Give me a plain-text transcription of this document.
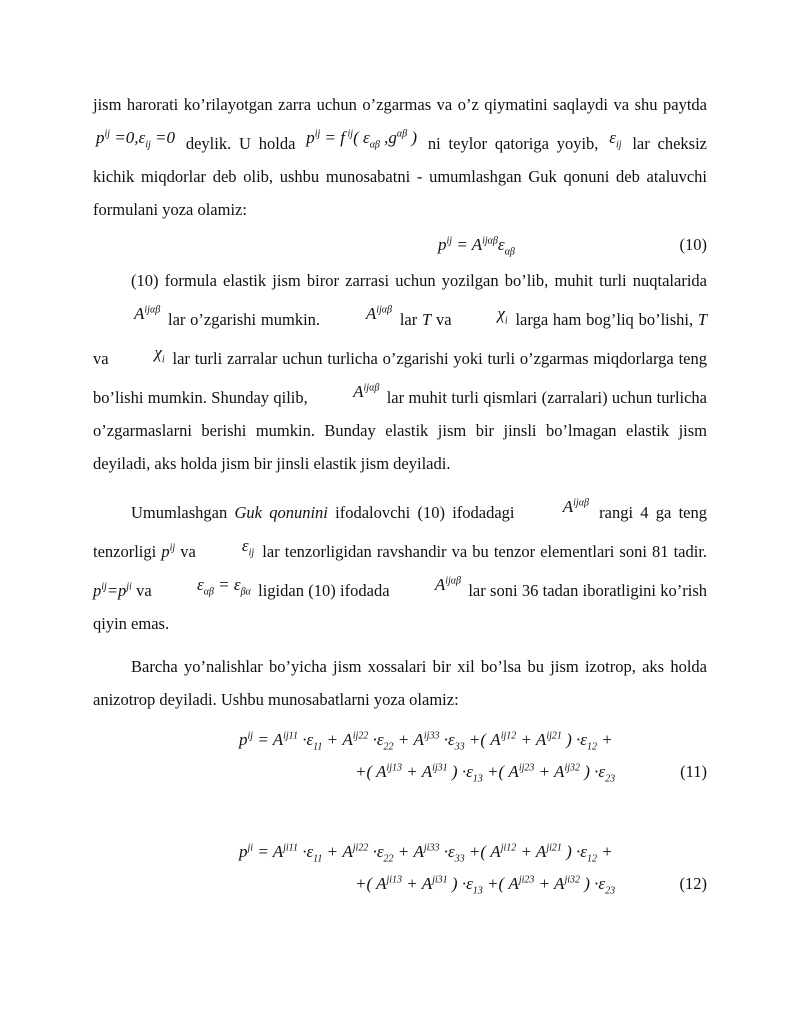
jism harorati ko’rilayotgan zarra uchun o’zgarmas va o’z qiymatini saqlaydi va shu paytda $p^{ij} =0,\varepsilon_{ij} =0$ deylik. U holda $p^{ij} = f$ $^{ij}$( $\varepsilon_{\alpha\beta}$ $,g^{\alpha\beta}$ ) ni teylor qatoriga yoyib, $\varepsilon_{ij}$ lar cheksiz kichik miqdorlar deb olib, ushbu munosabatni - umumlashgan Guk qonuni deb ataluvchi formulani yoza olamiz:

$p^{ij} = A^{ij\alpha\beta}\varepsilon_{\alpha\beta}$	(10)

(10) formula elastik jism biror zarrasi uchun yozilgan bo’lib, muhit turli nuqtalarida $A^{ij\alpha\beta}$ lar o’zgarishi mumkin.	$A^{ij\alpha\beta}$ lar T va	$\chi_i$ larga ham bog’liq bo’lishi, T va	$\chi_i$ lar turli zarralar uchun turlicha o’zgarishi yoki turli o’zgarmas miqdorlarga teng bo’lishi mumkin. Shunday qilib,	$A^{ij\alpha\beta}$ lar muhit turli qismlari (zarralari) uchun turlicha o’zgarmaslarni berishi mumkin. Bunday elastik jism bir jinsli bo’lmagan elastik jism deyiladi, aks holda jism bir jinsli elastik jism deyiladi.

Umumlashgan Guk qonunini ifodalovchi (10) ifodadagi	$A^{ij\alpha\beta}$ rangi 4 ga teng tenzorligi $p^{ij}$ va	$\varepsilon_{ij}$ lar tenzorligidan ravshandir va bu tenzor elementlari soni 81 tadir. $p^{ij}=p^{ji}$ va	$\varepsilon_{\alpha\beta} = \varepsilon_{\beta\alpha}$ ligidan (10) ifodada	$A^{ij\alpha\beta}$ lar soni 36 tadan iboratligini ko’rish qiyin emas.

Barcha yo’nalishlar bo’yicha jism xossalari bir xil bo’lsa bu jism izotrop, aks holda anizotrop deyiladi. Ushbu munosabatlarni yoza olamiz:

$p^{ij} = A^{ij11} \cdot\varepsilon_{11} + A^{ij22} \cdot\varepsilon_{22} + A^{ij33} \cdot\varepsilon_{33}$ +( $A^{ij12} + A^{ij21}$ ) $\cdot\varepsilon_{12}$ +
+( $A^{ij13} + A^{ij31}$ ) $\cdot\varepsilon_{13}$ +( $A^{ij23} + A^{ij32}$ ) $\cdot\varepsilon_{23}$	(11)
$p^{ji} = A^{ji11} \cdot\varepsilon_{11} + A^{ji22} \cdot\varepsilon_{22} + A^{ji33} \cdot\varepsilon_{33}$ +( $A^{ji12} + A^{ji21}$ ) $\cdot\varepsilon_{12}$ +
+( $A^{ji13} + A^{ji31}$ ) $\cdot\varepsilon_{13}$ +( $A^{ji23} + A^{ji32}$ ) $\cdot\varepsilon_{23}$	(12)
